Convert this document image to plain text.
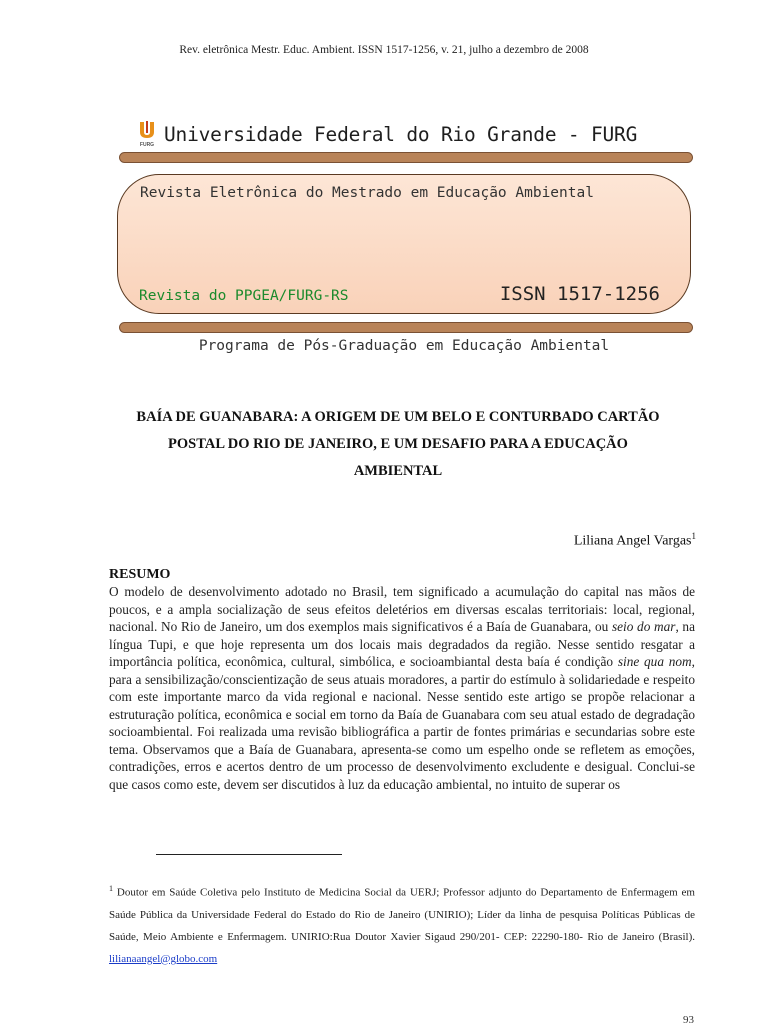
Rev. eletrônica Mestr. Educ. Ambient. ISSN 1517-1256, v. 21, julho a dezembro de 2008
FURG Universidade Federal do Rio Grande - FURG
Revista Eletrônica do Mestrado em Educação Ambiental
Revista do PPGEA/FURG-RS	ISSN 1517-1256
Programa de Pós-Graduação em Educação Ambiental
BAÍA DE GUANABARA: A ORIGEM DE UM BELO E CONTURBADO CARTÃO
POSTAL DO RIO DE JANEIRO, E UM DESAFIO PARA A EDUCAÇÃO
AMBIENTAL
Liliana Angel Vargas$^1$
RESUMO
O modelo de desenvolvimento adotado no Brasil, tem significado a acumulação do capital nas mãos de poucos, e a ampla socialização de seus efeitos deletérios em diversas escalas territoriais: local, regional, nacional. No Rio de Janeiro, um dos exemplos mais significativos é a Baía de Guanabara, ou seio do mar, na língua Tupi, e que hoje representa um dos locais mais degradados da região. Nesse sentido resgatar a importância política, econômica, cultural, simbólica, e socioambiantal desta baía é condição sine qua nom, para a sensibilização/conscientização de seus atuais moradores, a partir do estímulo à solidariedade e respeito com este importante marco da vida regional e nacional. Nesse sentido este artigo se propõe relacionar a estruturação política, econômica e social em torno da Baía de Guanabara com seu atual estado de degradação socioambiental. Foi realizada uma revisão bibliográfica a partir de fontes primárias e secundarias sobre este tema. Observamos que a Baía de Guanabara, apresenta-se como um espelho onde se refletem as emoções, contradições, erros e acertos dentro de um processo de desenvolvimento excludente e desigual. Conclui-se que casos como este, devem ser discutidos à luz da educação ambiental, no intuito de superar os
$^1$ Doutor em Saúde Coletiva pelo Instituto de Medicina Social da UERJ; Professor adjunto do Departamento de Enfermagem em Saúde Pública da Universidade Federal do Estado do Rio de Janeiro (UNIRIO); Líder da linha de pesquisa Políticas Públicas de Saúde, Meio Ambiente e Enfermagem. UNIRIO:Rua Doutor Xavier Sigaud 290/201- CEP: 22290-180- Rio de Janeiro (Brasil). lilianaangel@globo.com
93
